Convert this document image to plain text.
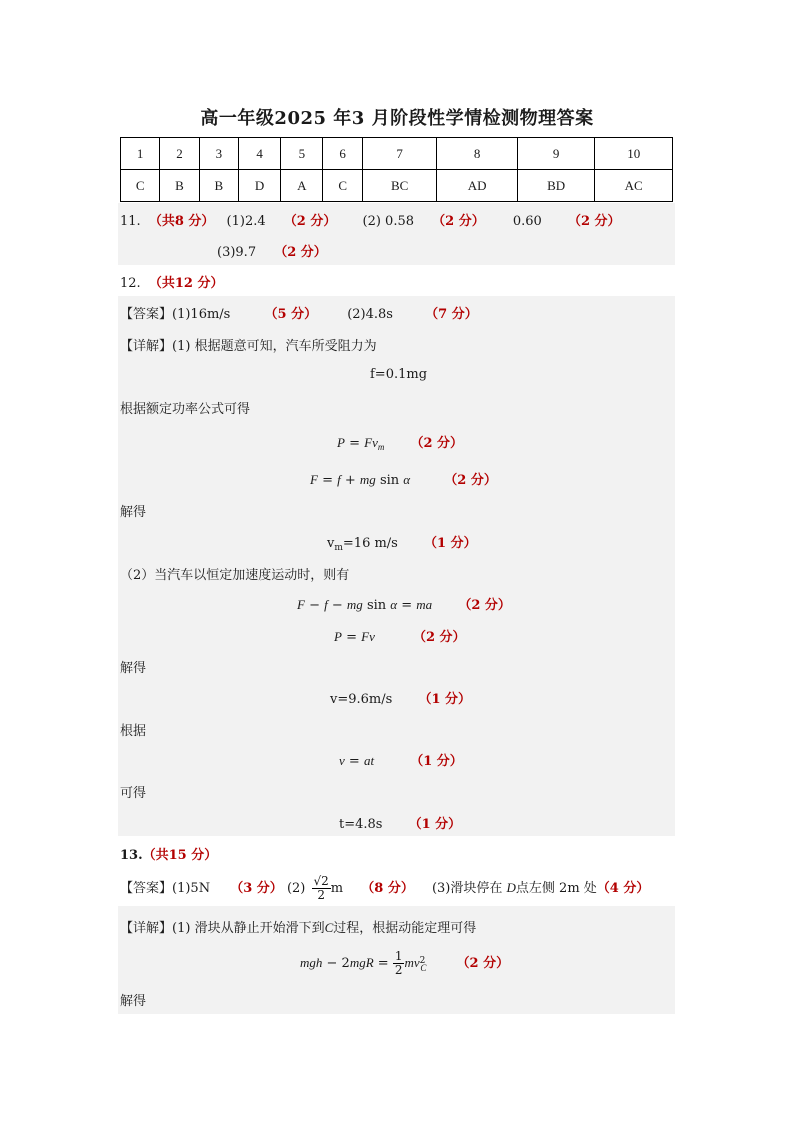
高一年级2025 年3 月阶段性学情检测物理答案
1	2	3	4	5	6	7	8	9	10
C	B	B	D	A	C	BC	AD	BD	AC
11. （共8 分） (1)2.4 （2 分） (2) 0.58 （2 分） 0.60 （2 分）
(3)9.7 （2 分）
12. （共12 分）
【答案】(1)16m/s	（5 分） (2)4.8s （7 分）
【详解】(1) 根据题意可知，汽车所受阻力为
f=0.1mg
根据额定功率公式可得
$P = Fv_m$ （2 分）
F = f + mg sin α	（2 分）
解得
$v_m=16$ m/s （1 分）
（2）当汽车以恒定加速度运动时，则有
F − f − mg sin α = ma （2 分）
P = Fv	（2 分）
解得
v=9.6m/s （1 分）
根据
v = at	（1 分）
可得
t=4.8s （1 分）
13.（共15 分）
【答案】(1)5N （3 分） $(2) \frac{√2}{2}$ m （8 分） (3)滑块停在 D点左侧 2m 处（4 分）
【详解】(1) 滑块从静止开始滑下到C过程，根据动能定理可得
mgh − $2mgR = \frac{1}{2} mv^2_C$ （2 分）
解得
